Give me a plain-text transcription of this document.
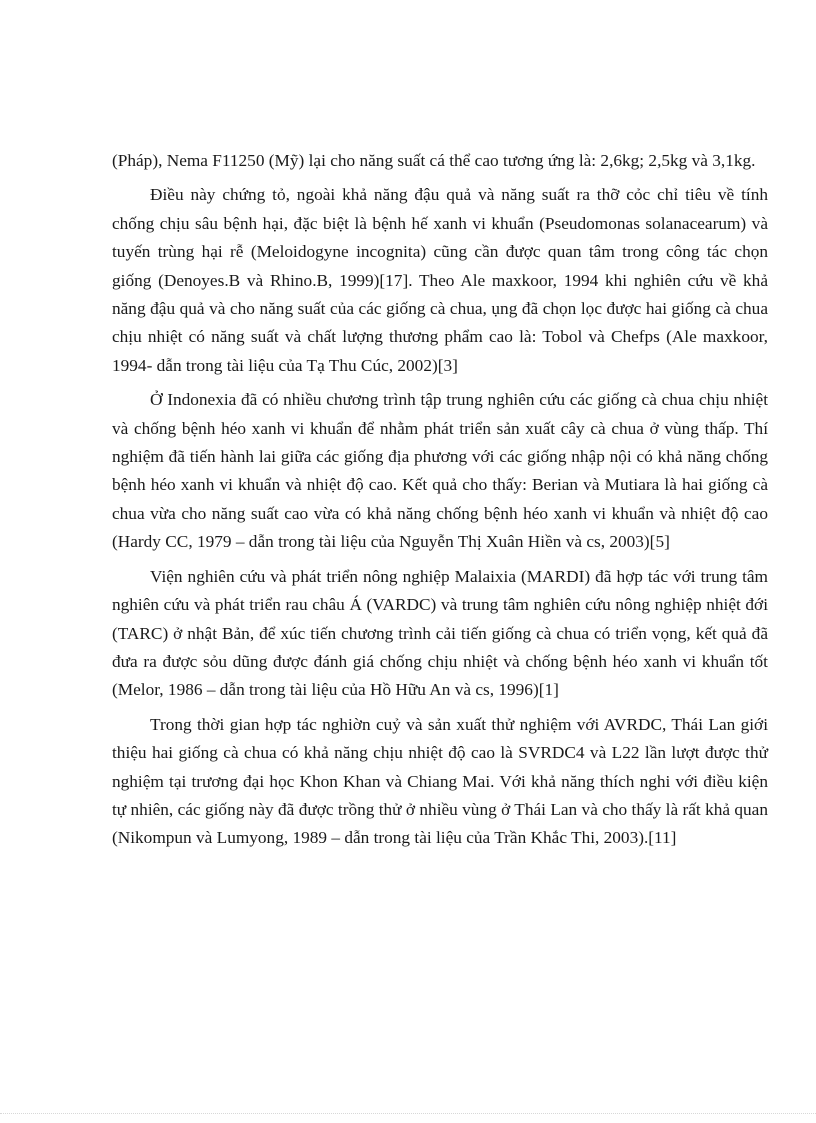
(Pháp), Nema F11250 (Mỹ) lại cho năng suất cá thể cao tương ứng là: 2,6kg; 2,5kg và 3,1kg.

Điều này chứng tỏ, ngoài khả năng đậu quả và năng suất ra thỡ cỏc chỉ tiêu về tính chống chịu sâu bệnh hại, đặc biệt là bệnh hế xanh vi khuẩn (Pseudomonas solanacearum) và tuyến trùng hại rễ (Meloidogyne incognita) cũng cần được quan tâm trong công tác chọn giống (Denoyes.B và Rhino.B, 1999)[17]. Theo Ale maxkoor, 1994 khi nghiên cứu về khả năng đậu quả và cho năng suất của các giống cà chua, ụng đã chọn lọc được hai giống cà chua chịu nhiệt có năng suất và chất lượng thương phẩm cao là: Tobol và Chefps (Ale maxkoor, 1994- dẫn trong tài liệu của Tạ Thu Cúc, 2002)[3]

Ở Indonexia đã có nhiều chương trình tập trung nghiên cứu các giống cà chua chịu nhiệt và chống bệnh héo xanh vi khuẩn để nhằm phát triển sản xuất cây cà chua ở vùng thấp. Thí nghiệm đã tiến hành lai giữa các giống địa phương với các giống nhập nội có khả năng chống bệnh héo xanh vi khuẩn và nhiệt độ cao. Kết quả cho thấy: Berian và Mutiara là hai giống cà chua vừa cho năng suất cao vừa có khả năng chống bệnh héo xanh vi khuẩn và nhiệt độ cao (Hardy CC, 1979 – dẫn trong tài liệu của Nguyễn Thị Xuân Hiền và cs, 2003)[5]

Viện nghiên cứu và phát triển nông nghiệp Malaixia (MARDI) đã hợp tác với trung tâm nghiên cứu và phát triển rau châu Á (VARDC) và trung tâm nghiên cứu nông nghiệp nhiệt đới (TARC) ở nhật Bản, để xúc tiến chương trình cải tiến giống cà chua có triển vọng, kết quả đã đưa ra được sỏu dũng được đánh giá chống chịu nhiệt và chống bệnh héo xanh vi khuẩn tốt (Melor, 1986 – dẫn trong tài liệu của Hồ Hữu An và cs, 1996)[1]

Trong thời gian hợp tác nghiờn cuỷ và sản xuất thử nghiệm với AVRDC, Thái Lan giới thiệu hai giống cà chua có khả năng chịu nhiệt độ cao là SVRDC4 và L22 lần lượt được thử nghiệm tại trương đại học Khon Khan và Chiang Mai. Với khả năng thích nghi với điều kiện tự nhiên, các giống này đã được trồng thử ở nhiều vùng ở Thái Lan và cho thấy là rất khả quan (Nikompun và Lumyong, 1989 – dẫn trong tài liệu của Trần Khắc Thi, 2003).[11]
